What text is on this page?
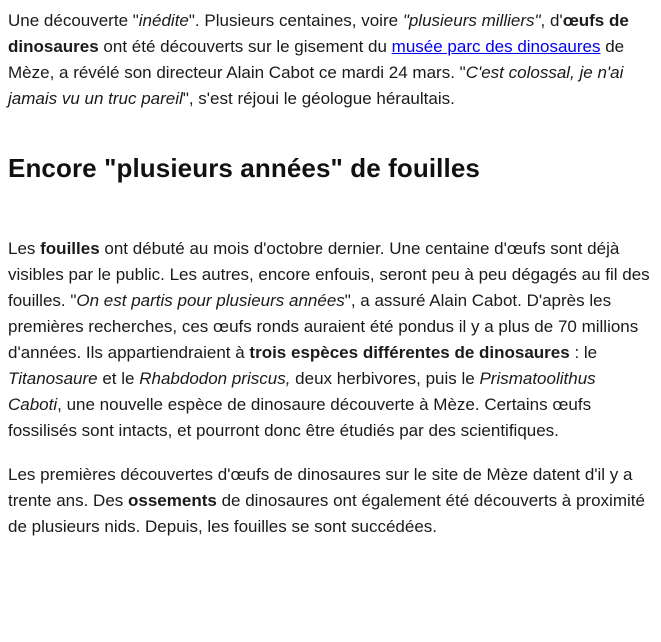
Une découverte "inédite". Plusieurs centaines, voire "plusieurs milliers", d'œufs de dinosaures ont été découverts sur le gisement du musée parc des dinosaures de Mèze, a révélé son directeur Alain Cabot ce mardi 24 mars. "C'est colossal, je n'ai jamais vu un truc pareil", s'est réjoui le géologue héraultais.

Encore "plusieurs années" de fouilles

Les fouilles ont débuté au mois d'octobre dernier. Une centaine d'œufs sont déjà visibles par le public. Les autres, encore enfouis, seront peu à peu dégagés au fil des fouilles. "On est partis pour plusieurs années", a assuré Alain Cabot. D'après les premières recherches, ces œufs ronds auraient été pondus il y a plus de 70 millions d'années. Ils appartiendraient à trois espèces différentes de dinosaures : le Titanosaure et le Rhabdodon priscus, deux herbivores, puis le Prismatoolithus Caboti, une nouvelle espèce de dinosaure découverte à Mèze. Certains œufs fossilisés sont intacts, et pourront donc être étudiés par des scientifiques.

Les premières découvertes d'œufs de dinosaures sur le site de Mèze datent d'il y a trente ans. Des ossements de dinosaures ont également été découverts à proximité de plusieurs nids. Depuis, les fouilles se sont succédées.
